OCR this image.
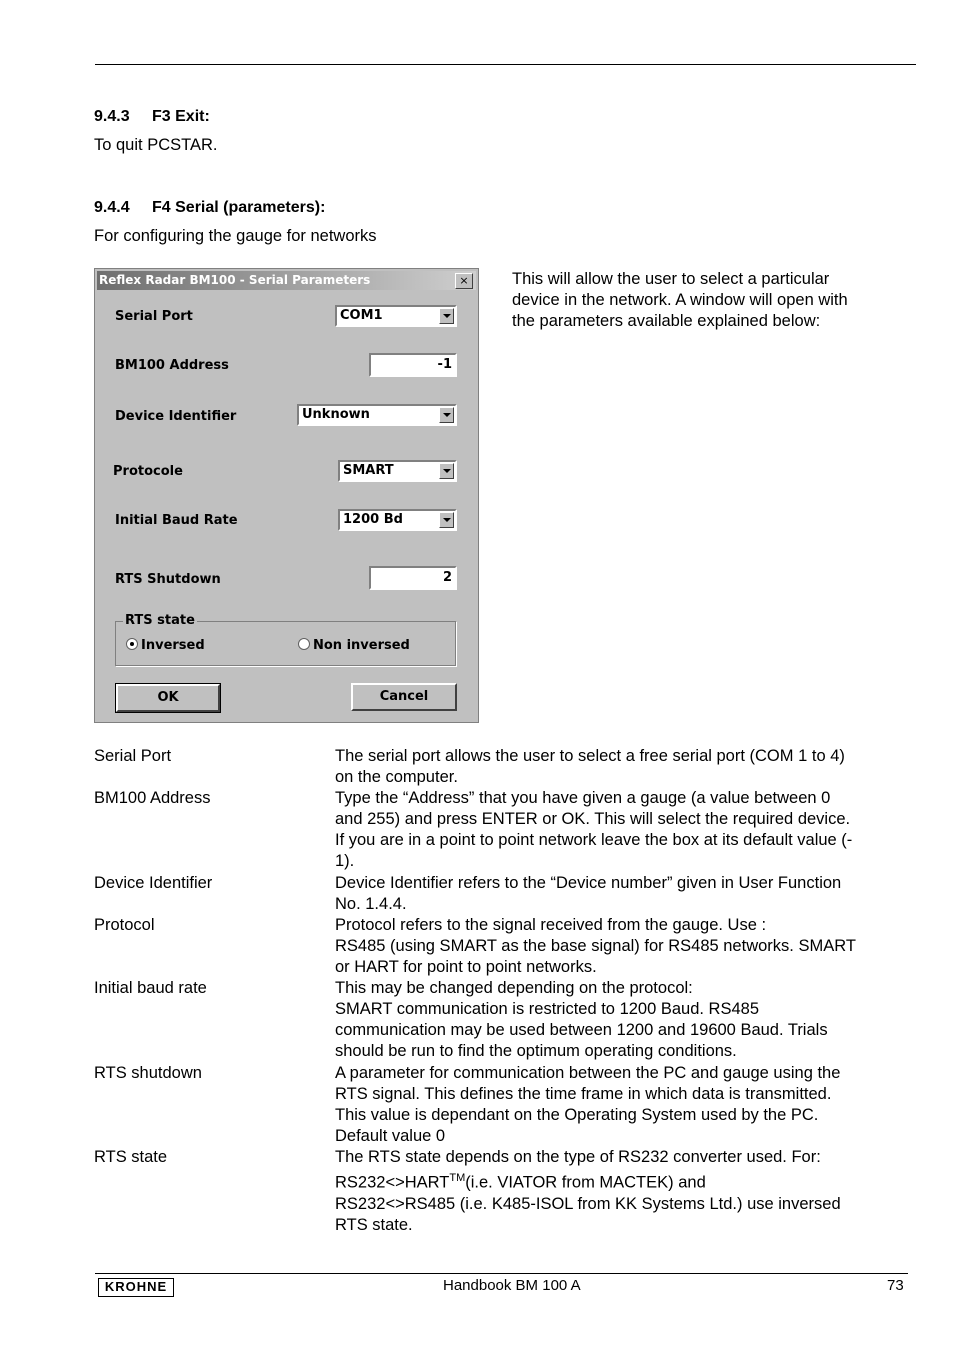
9.4.3 F3 Exit:
To quit PCSTAR.
9.4.4 F4 Serial (parameters):
For configuring the gauge for networks
This will allow the user to select a particular
device in the network. A window will open with
the parameters available explained below:
Reflex Radar BM100 - Serial Parameters	×
Serial Port	COM1
BM100 Address	-1
Device Identifier	Unknown
Protocole	SMART
Initial Baud Rate	1200 Bd
RTS Shutdown	2
RTS state
Inversed	Non inversed
OK	Cancel
Serial Port	The serial port allows the user to select a free serial port (COM 1 to 4)
on the computer.
BM100 Address	Type the “Address” that you have given a gauge (a value between 0
and 255) and press ENTER or OK. This will select the required device.
If you are in a point to point network leave the box at its default value (-
1).
Device Identifier	Device Identifier refers to the “Device number” given in User Function
No. 1.4.4.
Protocol	Protocol refers to the signal received from the gauge. Use :
RS485 (using SMART as the base signal) for RS485 networks. SMART
or HART for point to point networks.
Initial baud rate	This may be changed depending on the protocol:
SMART communication is restricted to 1200 Baud. RS485
communication may be used between 1200 and 19600 Baud. Trials
should be run to find the optimum operating conditions.
RTS shutdown	A parameter for communication between the PC and gauge using the
RTS signal. This defines the time frame in which data is transmitted.
This value is dependant on the Operating System used by the PC.
Default value 0
RTS state	The RTS state depends on the type of RS232 converter used. For:
RS232<>HART™(i.e. VIATOR from MACTEK) and
RS232<>RS485 (i.e. K485-ISOL from KK Systems Ltd.) use inversed
RTS state.
KROHNE	Handbook BM 100 A	73
